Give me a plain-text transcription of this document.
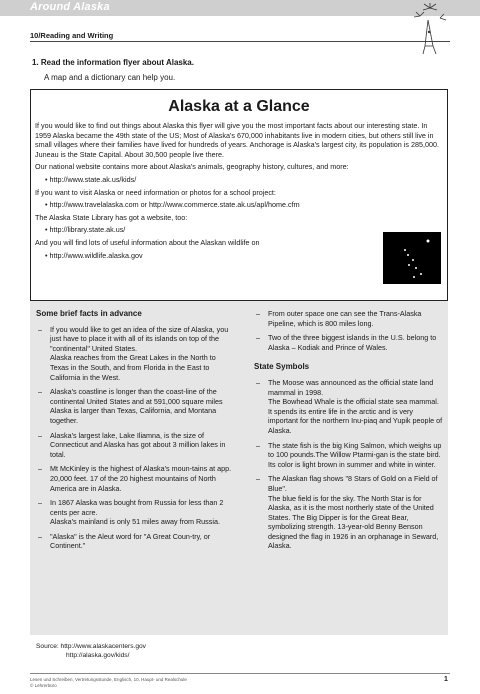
Around Alaska
10/Reading and Writing
1. Read the information flyer about Alaska.
A map and a dictionary can help you.
Alaska at a Glance

If you would like to find out things about Alaska this flyer will give you the most important facts about our interesting state. In 1959 Alaska became the 49th state of the US; Most of Alaska's 670,000 inhabitants live in modern cities, but others still live in small villages where their families have lived for hundreds of years. Anchorage is Alaska's largest city, its population is 285,000. Juneau is the State Capital. About 30,500 people live there.

Our national website contains more about Alaska's animals, geography history, cultures, and more:

• http://www.state.ak.us/kids/

If you want to visit Alaska or need information or photos for a school project:

• http://www.travelalaska.com or http://www.commerce.state.ak.us/apl/home.cfm

The Alaska State Library has got a website, too:

• http://library.state.ak.us/

And you will find lots of useful information about the Alaskan wildlife on

• http://www.wildlife.alaska.gov

Some brief facts in advance
– If you would like to get an idea of the size of Alaska, you just have to place it with all of its islands on top of the "continental" United States.
Alaska reaches from the Great Lakes in the North to Texas in the South, and from Florida in the East to California in the West.
– Alaska's coastline is longer than the coast-line of the continental United States and at 591,000 square miles Alaska is larger than Texas, California, and Montana together.
– Alaska's largest lake, Lake Iliamna, is the size of Connecticut and Alaska has got about 3 million lakes in total.
– Mt McKinley is the highest of Alaska's moun-tains at app. 20,000 feet. 17 of the 20 highest mountains of North America are in Alaska.
– In 1867 Alaska was bought from Russia for less than 2 cents per acre.
Alaska's mainland is only 51 miles away from Russia.
– "Alaska" is the Aleut word for "A Great Coun-try, or Continent."
– From outer space one can see the Trans-Alaska Pipeline, which is 800 miles long.
– Two of the three biggest islands in the U.S. belong to Alaska – Kodiak and Prince of Wales.
State Symbols
– The Moose was announced as the official state land mammal in 1998.
The Bowhead Whale is the official state sea mammal. It spends its entire life in the arctic and is very important for the northern Inu-piaq and Yupik people of Alaska.
– The state fish is the big King Salmon, which weighs up to 100 pounds.The Willow Ptarmi-gan is the state bird. Its color is light brown in summer and white in winter.
– The Alaskan flag shows "8 Stars of Gold on a Field of Blue".
The blue field is for the sky. The North Star is for Alaska, as it is the most northerly state of the United States. The Big Dipper is for the Great Bear, symbolizing strength. 13-year-old Benny Benson designed the flag in 1926 in an orphanage in Seward, Alaska.
Source: http://www.alaskacenters.gov
http://alaska.gov/kids/
Lesen und Schreiben, Vertretungsstunde, Englisch, 10, Haupt- und Realschule
© Lehrerbüro
1
